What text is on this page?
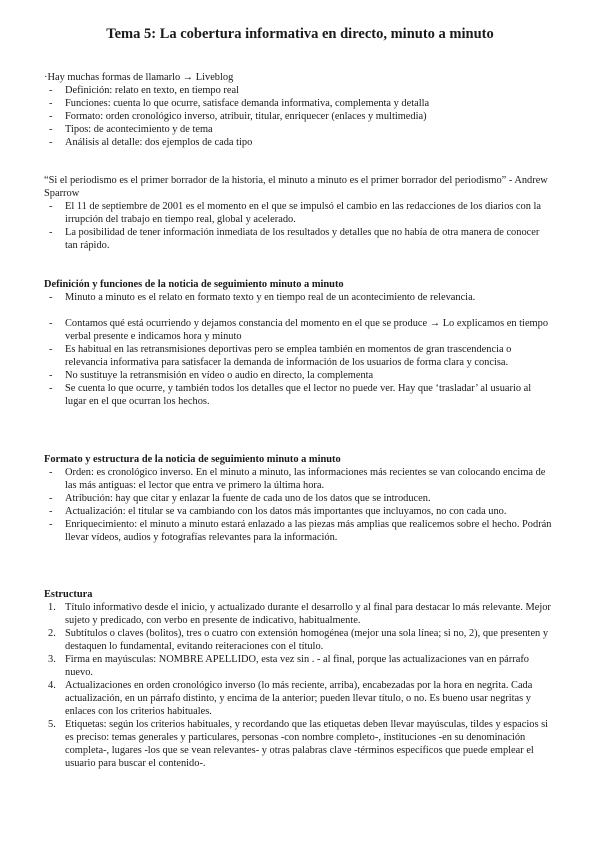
Tema 5: La cobertura informativa en directo, minuto a minuto

·Hay muchas formas de llamarlo → Liveblog

- Definición: relato en texto, en tiempo real
- Funciones: cuenta lo que ocurre, satisface demanda informativa, complementa y detalla
- Formato: orden cronológico inverso, atribuir, titular, enriquecer (enlaces y multimedia)
- Tipos: de acontecimiento y de tema
- Análisis al detalle: dos ejemplos de cada tipo

“Si el periodismo es el primer borrador de la historia, el minuto a minuto es el primer borrador del periodismo” - Andrew Sparrow

- El 11 de septiembre de 2001 es el momento en el que se impulsó el cambio en las redacciones de los diarios con la irrupción del trabajo en tiempo real, global y acelerado.
- La posibilidad de tener información inmediata de los resultados y detalles que no había de otra manera de conocer tan rápido.

Definición y funciones de la noticia de seguimiento minuto a minuto

- Minuto a minuto es el relato en formato texto y en tiempo real de un acontecimiento de relevancia.
- Contamos qué está ocurriendo y dejamos constancia del momento en el que se produce → Lo explicamos en tiempo verbal presente e indicamos hora y minuto
- Es habitual en las retransmisiones deportivas pero se emplea también en momentos de gran trascendencia o relevancia informativa para satisfacer la demanda de información de los usuarios de forma clara y concisa.
- No sustituye la retransmisión en vídeo o audio en directo, la complementa
- Se cuenta lo que ocurre, y también todos los detalles que el lector no puede ver. Hay que ‘trasladar’ al usuario al lugar en el que ocurran los hechos.

Formato y estructura de la noticia de seguimiento minuto a minuto

- Orden: es cronológico inverso. En el minuto a minuto, las informaciones más recientes se van colocando encima de las más antiguas: el lector que entra ve primero la última hora.
- Atribución: hay que citar y enlazar la fuente de cada uno de los datos que se introducen.
- Actualización: el titular se va cambiando con los datos más importantes que incluyamos, no con cada uno.
- Enriquecimiento: el minuto a minuto estará enlazado a las piezas más amplias que realicemos sobre el hecho. Podrán llevar vídeos, audios y fotografías relevantes para la información.

Estructura

1. Título informativo desde el inicio, y actualizado durante el desarrollo y al final para destacar lo más relevante. Mejor sujeto y predicado, con verbo en presente de indicativo, habitualmente.
2. Subtítulos o claves (bolitos), tres o cuatro con extensión homogénea (mejor una sola línea; si no, 2), que presenten y destaquen lo fundamental, evitando reiteraciones con el título.
3. Firma en mayúsculas: NOMBRE APELLIDO, esta vez sin . - al final, porque las actualizaciones van en párrafo nuevo.
4. Actualizaciones en orden cronológico inverso (lo más reciente, arriba), encabezadas por la hora en negrita. Cada actualización, en un párrafo distinto, y encima de la anterior; pueden llevar título, o no. Es bueno usar negritas y enlaces con los criterios habituales.
5. Etiquetas: según los criterios habituales, y recordando que las etiquetas deben llevar mayúsculas, tildes y espacios si es preciso: temas generales y particulares, personas -con nombre completo-, instituciones -en su denominación completa-, lugares -los que se vean relevantes- y otras palabras clave -términos específicos que puede emplear el usuario para buscar el contenido-.
